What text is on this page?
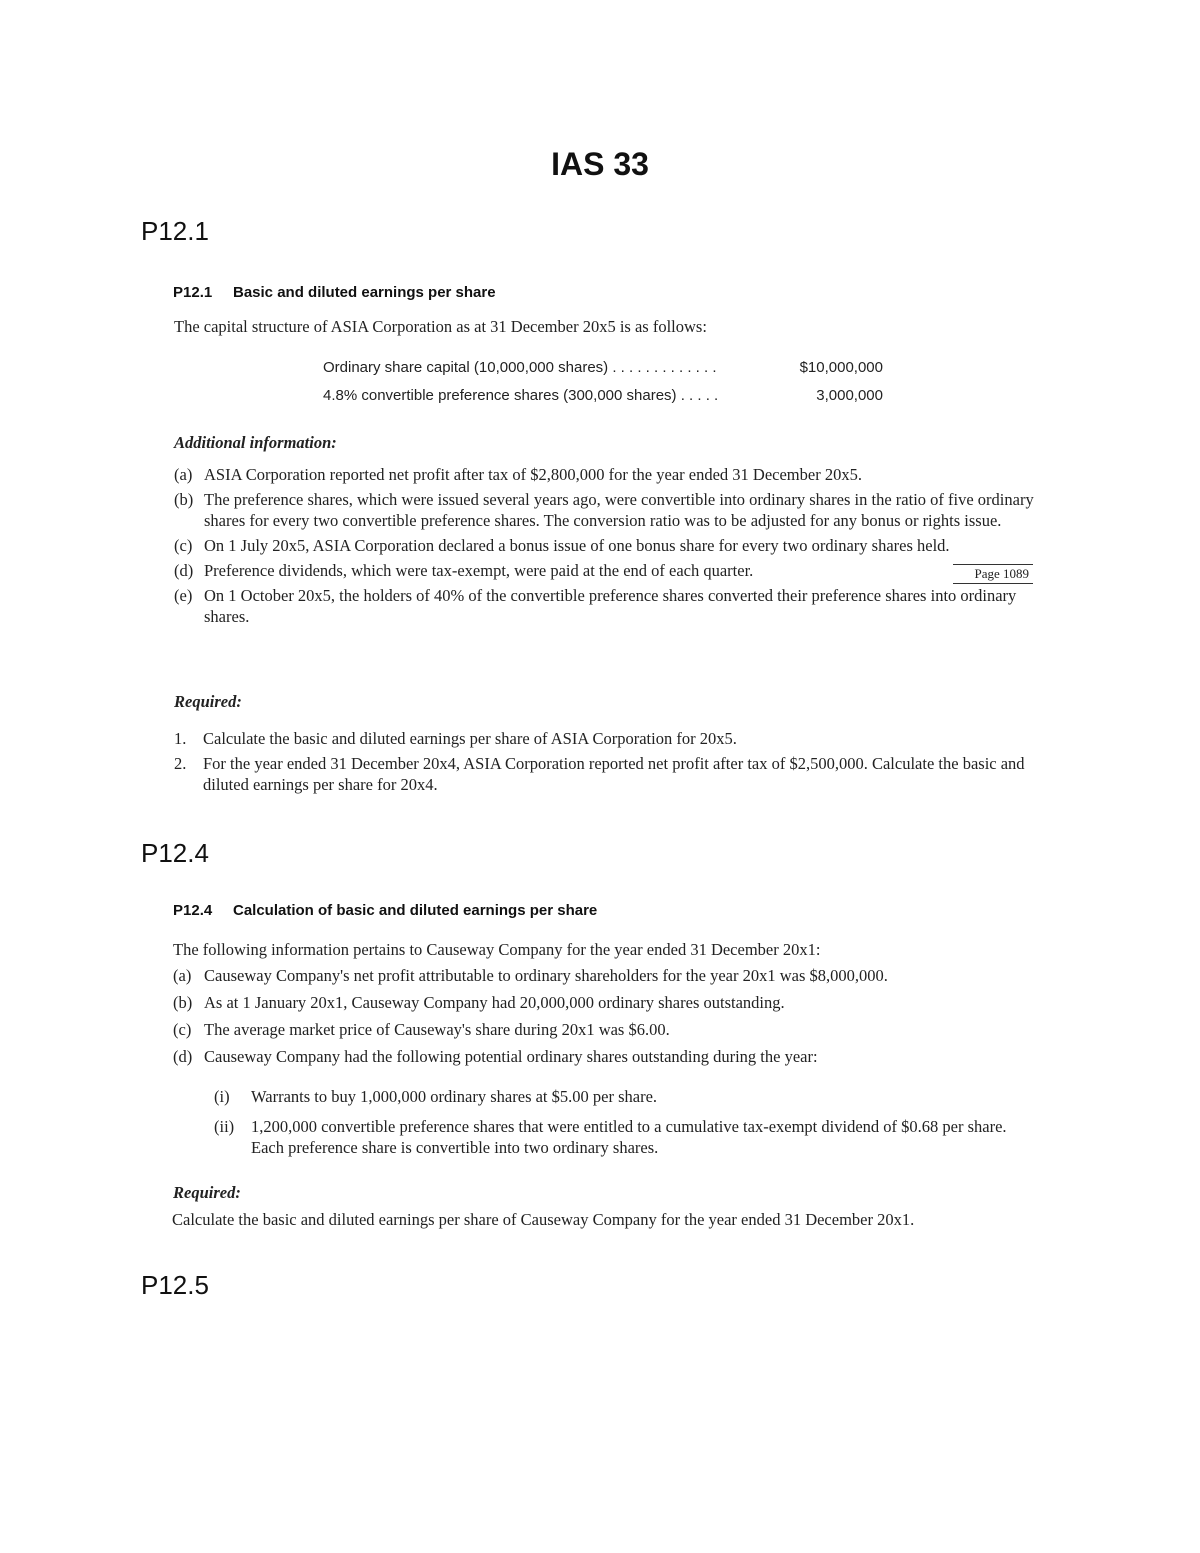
IAS 33
P12.1
P12.1 Basic and diluted earnings per share
The capital structure of ASIA Corporation as at 31 December 20x5 is as follows:
Ordinary share capital (10,000,000 shares) . . . . . . . . . . . . .	$10,000,000
4.8% convertible preference shares (300,000 shares) . . . . .	3,000,000
Additional information:
(a) ASIA Corporation reported net profit after tax of $2,800,000 for the year ended 31 December 20x5.
(b) The preference shares, which were issued several years ago, were convertible into ordinary shares in the ratio of five ordinary shares for every two convertible preference shares. The conversion ratio was to be adjusted for any bonus or rights issue.
(c) On 1 July 20x5, ASIA Corporation declared a bonus issue of one bonus share for every two ordinary shares held.
(d) Preference dividends, which were tax-exempt, were paid at the end of each quarter.
(e) On 1 October 20x5, the holders of 40% of the convertible preference shares converted their preference shares into ordinary shares.
Page 1089
Required:
1.	Calculate the basic and diluted earnings per share of ASIA Corporation for 20x5.
2.	For the year ended 31 December 20x4, ASIA Corporation reported net profit after tax of $2,500,000. Calculate the basic and diluted earnings per share for 20x4.
P12.4
P12.4 Calculation of basic and diluted earnings per share
The following information pertains to Causeway Company for the year ended 31 December 20x1:
(a) Causeway Company's net profit attributable to ordinary shareholders for the year 20x1 was $8,000,000.
(b) As at 1 January 20x1, Causeway Company had 20,000,000 ordinary shares outstanding.
(c) The average market price of Causeway's share during 20x1 was $6.00.
(d) Causeway Company had the following potential ordinary shares outstanding during the year:
(i)	Warrants to buy 1,000,000 ordinary shares at $5.00 per share.
(ii)	1,200,000 convertible preference shares that were entitled to a cumulative tax-exempt dividend of $0.68 per share. Each preference share is convertible into two ordinary shares.
Required:
Calculate the basic and diluted earnings per share of Causeway Company for the year ended 31 December 20x1.
P12.5
